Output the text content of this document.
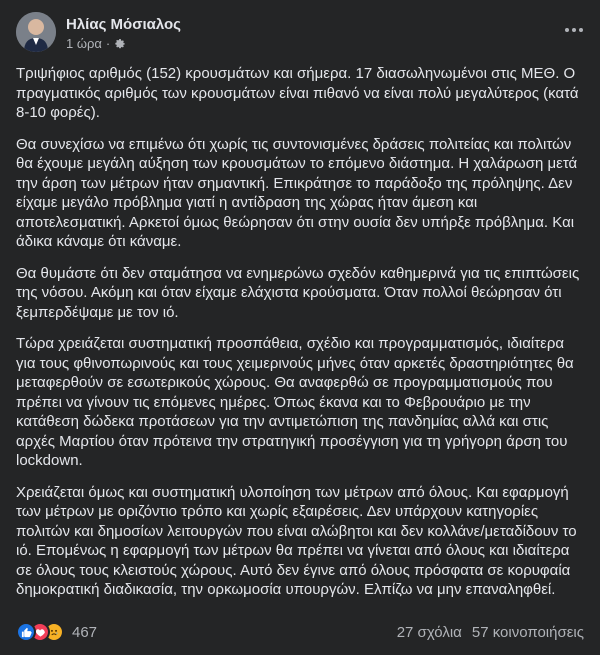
Ηλίας Μόσιαλος
1 ώρα ·

Τριψήφιος αριθμός (152) κρουσμάτων και σήμερα. 17 διασωληνωμένοι στις ΜΕΘ. Ο πραγματικός αριθμός των κρουσμάτων είναι πιθανό να είναι πολύ μεγαλύτερος (κατά 8-10 φορές).

Θα συνεχίσω να επιμένω ότι χωρίς τις συντονισμένες δράσεις πολιτείας και πολιτών θα έχουμε μεγάλη αύξηση των κρουσμάτων το επόμενο διάστημα. Η χαλάρωση μετά την άρση των μέτρων ήταν σημαντική. Επικράτησε το παράδοξο της πρόληψης. Δεν είχαμε μεγάλο πρόβλημα γιατί η αντίδραση της χώρας ήταν άμεση και αποτελεσματική. Αρκετοί όμως θεώρησαν ότι στην ουσία δεν υπήρξε πρόβλημα. Και άδικα κάναμε ότι κάναμε.

Θα θυμάστε ότι δεν σταμάτησα να ενημερώνω σχεδόν καθημερινά για τις επιπτώσεις της νόσου. Ακόμη και όταν είχαμε ελάχιστα κρούσματα. Όταν πολλοί θεώρησαν ότι ξεμπερδέψαμε με τον ιό.

Τώρα χρειάζεται συστηματική προσπάθεια, σχέδιο και προγραμματισμός, ιδιαίτερα για τους φθινοπωρινούς και τους χειμερινούς μήνες όταν αρκετές δραστηριότητες θα μεταφερθούν σε εσωτερικούς χώρους. Θα αναφερθώ σε προγραμματισμούς που πρέπει να γίνουν τις επόμενες ημέρες. Όπως έκανα και το Φεβρουάριο με την κατάθεση δώδεκα προτάσεων για την αντιμετώπιση της πανδημίας αλλά και στις αρχές Μαρτίου όταν πρότεινα την στρατηγική προσέγγιση για τη γρήγορη άρση του lockdown.

Χρειάζεται όμως και συστηματική υλοποίηση των μέτρων από όλους. Και εφαρμογή των μέτρων με οριζόντιο τρόπο και χωρίς εξαιρέσεις. Δεν υπάρχουν κατηγορίες πολιτών και δημοσίων λειτουργών που είναι αλώβητοι και δεν κολλάνε/μεταδίδουν το ιό. Επομένως η εφαρμογή των μέτρων θα πρέπει να γίνεται από όλους και ιδιαίτερα σε όλους τους κλειστούς χώρους. Αυτό δεν έγινε από όλους πρόσφατα σε κορυφαία δημοκρατική διαδικασία, την ορκωμοσία υπουργών. Ελπίζω να μην επαναληφθεί.

467	27 σχόλια 57 κοινοποιήσεις
